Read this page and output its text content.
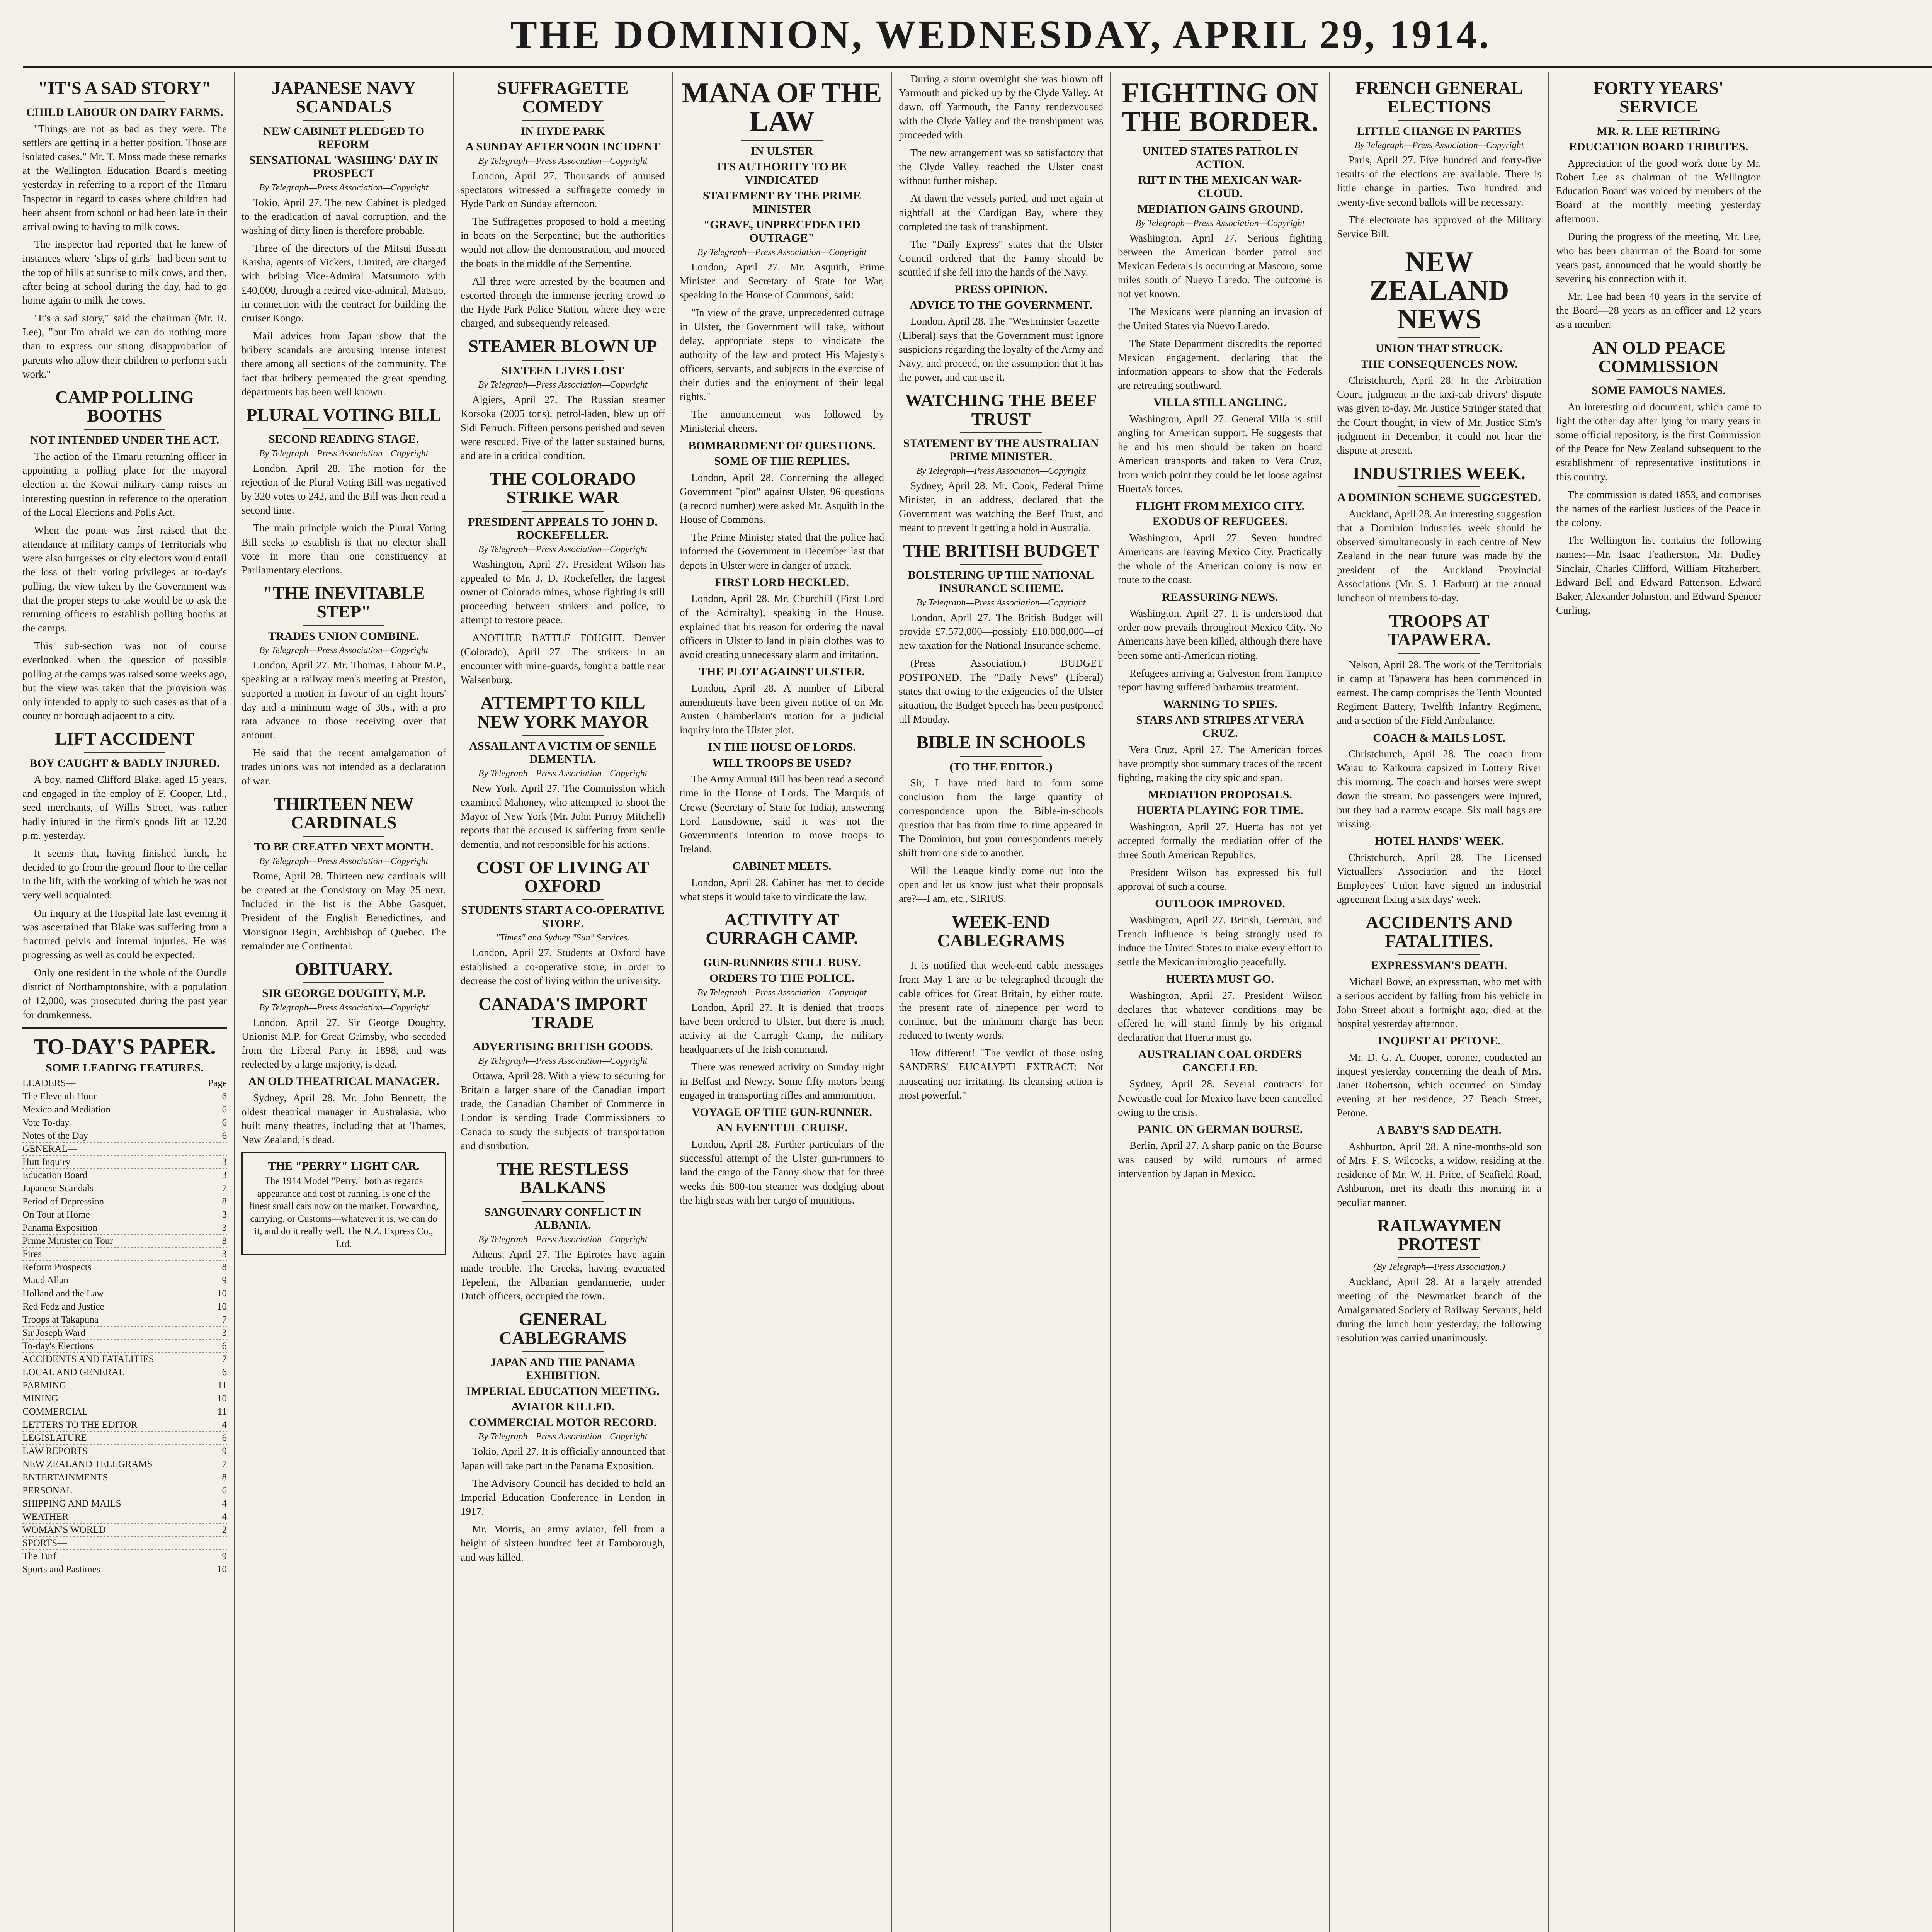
THE DOMINION, WEDNESDAY, APRIL 29, 1914.
"IT'S A SAD STORY"
CHILD LABOUR ON DAIRY FARMS.

"Things are not as bad as they were. The settlers are getting in a better position. Those are isolated cases." Mr. T. Moss made these remarks at the Wellington Education Board's meeting yesterday in referring to a report of the Timaru Inspector in regard to cases where children had been absent from school or had been late in their arrival owing to having to milk cows.

The inspector had reported that he knew of instances where "slips of girls" had been sent to the top of hills at sunrise to milk cows, and then, after being at school during the day, had to go home again to milk the cows.

"It's a sad story," said the chairman (Mr. R. Lee), "but I'm afraid we can do nothing more than to express our strong disapprobation of parents who allow their children to perform such work."

CAMP POLLING BOOTHS
NOT INTENDED UNDER THE ACT.

The action of the Timaru returning officer in appointing a polling place for the mayoral election at the Kowai military camp raises an interesting question in reference to the operation of the Local Elections and Polls Act.

When the point was first raised that the attendance at military camps of Territorials who were also burgesses or city electors would entail the loss of their voting privileges at to-day's polling, the view taken by the Government was that the proper steps to take would be to ask the returning officers to establish polling booths at the camps.

This sub-section was not of course everlooked when the question of possible polling at the camps was raised some weeks ago, but the view was taken that the provision was only intended to apply to such cases as that of a county or borough adjacent to a city.

LIFT ACCIDENT
BOY CAUGHT & BADLY INJURED.

A boy, named Clifford Blake, aged 15 years, and engaged in the employ of F. Cooper, Ltd., seed merchants, of Willis Street, was rather badly injured in the firm's goods lift at 12.20 p.m. yesterday.

It seems that, having finished lunch, he decided to go from the ground floor to the cellar in the lift, with the working of which he was not very well acquainted.

On inquiry at the Hospital late last evening it was ascertained that Blake was suffering from a fractured pelvis and internal injuries. He was progressing as well as could be expected.

Only one resident in the whole of the Oundle district of Northamptonshire, with a population of 12,000, was prosecuted during the past year for drunkenness.

TO-DAY'S PAPER.
SOME LEADING FEATURES.
LEADERS—	Page
The Eleventh Hour	6
Mexico and Mediation	6
Vote To-day	6
Notes of the Day	6
GENERAL—
Hutt Inquiry	3
Education Board	3
Japanese Scandals	7
Period of Depression	8
On Tour at Home	3
Panama Exposition	3
Prime Minister on Tour	8
Fires	3
Reform Prospects	8
Maud Allan	9
Holland and the Law	10
Red Fedz and Justice	10
Troops at Takapuna	7
Sir Joseph Ward	3
To-day's Elections	6
ACCIDENTS AND FATALITIES	7
LOCAL AND GENERAL	6
FARMING	11
MINING	10
COMMERCIAL	11
LETTERS TO THE EDITOR	4
LEGISLATURE	6
LAW REPORTS	9
NEW ZEALAND TELEGRAMS	7
ENTERTAINMENTS	8
PERSONAL	6
SHIPPING AND MAILS	4
WEATHER	4
WOMAN'S WORLD	2
SPORTS—
The Turf	9
Sports and Pastimes	10
JAPANESE NAVY SCANDALS
NEW CABINET PLEDGED TO REFORM
SENSATIONAL 'WASHING' DAY IN PROSPECT
By Telegraph—Press Association—Copyright

Tokio, April 27. The new Cabinet is pledged to the eradication of naval corruption, and the washing of dirty linen is therefore probable.

Three of the directors of the Mitsui Bussan Kaisha, agents of Vickers, Limited, are charged with bribing Vice-Admiral Matsumoto with £40,000, through a retired vice-admiral, Matsuo, in connection with the contract for building the cruiser Kongo.

Mail advices from Japan show that the bribery scandals are arousing intense interest there among all sections of the community. The fact that bribery permeated the great spending departments has been well known.

PLURAL VOTING BILL
SECOND READING STAGE.
By Telegraph—Press Association—Copyright

London, April 28. The motion for the rejection of the Plural Voting Bill was negatived by 320 votes to 242, and the Bill was then read a second time.

The main principle which the Plural Voting Bill seeks to establish is that no elector shall vote in more than one constituency at Parliamentary elections.

"THE INEVITABLE STEP"
TRADES UNION COMBINE.
By Telegraph—Press Association—Copyright

London, April 27. Mr. Thomas, Labour M.P., speaking at a railway men's meeting at Preston, supported a motion in favour of an eight hours' day and a minimum wage of 30s., with a pro rata advance to those receiving over that amount.

He said that the recent amalgamation of trades unions was not intended as a declaration of war.

THIRTEEN NEW CARDINALS
TO BE CREATED NEXT MONTH.
By Telegraph—Press Association—Copyright

Rome, April 28. Thirteen new cardinals will be created at the Consistory on May 25 next. Included in the list is the Abbe Gasquet, President of the English Benedictines, and Monsignor Begin, Archbishop of Quebec. The remainder are Continental.

OBITUARY.
SIR GEORGE DOUGHTY, M.P.
By Telegraph—Press Association—Copyright

London, April 27. Sir George Doughty, Unionist M.P. for Great Grimsby, who seceded from the Liberal Party in 1898, and was reelected by a large majority, is dead.

AN OLD THEATRICAL MANAGER.

Sydney, April 28. Mr. John Bennett, the oldest theatrical manager in Australasia, who built many theatres, including that at Thames, New Zealand, is dead.

THE "PERRY" LIGHT CAR.
The 1914 Model "Perry," both as regards appearance and cost of running, is one of the finest small cars now on the market. Forwarding, carrying, or Customs—whatever it is, we can do it, and do it really well. The N.Z. Express Co., Ltd.
SUFFRAGETTE COMEDY
IN HYDE PARK
A SUNDAY AFTERNOON INCIDENT
By Telegraph—Press Association—Copyright

London, April 27. Thousands of amused spectators witnessed a suffragette comedy in Hyde Park on Sunday afternoon.

The Suffragettes proposed to hold a meeting in boats on the Serpentine, but the authorities would not allow the demonstration, and moored the boats in the middle of the Serpentine.

All three were arrested by the boatmen and escorted through the immense jeering crowd to the Hyde Park Police Station, where they were charged, and subsequently released.

STEAMER BLOWN UP
SIXTEEN LIVES LOST
By Telegraph—Press Association—Copyright

Algiers, April 27. The Russian steamer Korsoka (2005 tons), petrol-laden, blew up off Sidi Ferruch. Fifteen persons perished and seven were rescued. Five of the latter sustained burns, and are in a critical condition.

THE COLORADO STRIKE WAR
PRESIDENT APPEALS TO JOHN D. ROCKEFELLER.
By Telegraph—Press Association—Copyright

Washington, April 27. President Wilson has appealed to Mr. J. D. Rockefeller, the largest owner of Colorado mines, whose fighting is still proceeding between strikers and police, to attempt to restore peace.

ANOTHER BATTLE FOUGHT. Denver (Colorado), April 27. The strikers in an encounter with mine-guards, fought a battle near Walsenburg.

ATTEMPT TO KILL NEW YORK MAYOR
ASSAILANT A VICTIM OF SENILE DEMENTIA.
By Telegraph—Press Association—Copyright

New York, April 27. The Commission which examined Mahoney, who attempted to shoot the Mayor of New York (Mr. John Purroy Mitchell) reports that the accused is suffering from senile dementia, and not responsible for his actions.

COST OF LIVING AT OXFORD
STUDENTS START A CO-OPERATIVE STORE.
"Times" and Sydney "Sun" Services.

London, April 27. Students at Oxford have established a co-operative store, in order to decrease the cost of living within the university.

CANADA'S IMPORT TRADE
ADVERTISING BRITISH GOODS.
By Telegraph—Press Association—Copyright

Ottawa, April 28. With a view to securing for Britain a larger share of the Canadian import trade, the Canadian Chamber of Commerce in London is sending Trade Commissioners to Canada to study the subjects of transportation and distribution.

THE RESTLESS BALKANS
SANGUINARY CONFLICT IN ALBANIA.
By Telegraph—Press Association—Copyright

Athens, April 27. The Epirotes have again made trouble. The Greeks, having evacuated Tepeleni, the Albanian gendarmerie, under Dutch officers, occupied the town.

GENERAL CABLEGRAMS
JAPAN AND THE PANAMA EXHIBITION.
IMPERIAL EDUCATION MEETING.
AVIATOR KILLED.
COMMERCIAL MOTOR RECORD.
By Telegraph—Press Association—Copyright

Tokio, April 27. It is officially announced that Japan will take part in the Panama Exposition.

The Advisory Council has decided to hold an Imperial Education Conference in London in 1917.

Mr. Morris, an army aviator, fell from a height of sixteen hundred feet at Farnborough, and was killed.

MANA OF THE LAW
IN ULSTER
ITS AUTHORITY TO BE VINDICATED
STATEMENT BY THE PRIME MINISTER
"GRAVE, UNPRECEDENTED OUTRAGE"
By Telegraph—Press Association—Copyright

London, April 27. Mr. Asquith, Prime Minister and Secretary of State for War, speaking in the House of Commons, said:

"In view of the grave, unprecedented outrage in Ulster, the Government will take, without delay, appropriate steps to vindicate the authority of the law and protect His Majesty's officers, servants, and subjects in the exercise of their duties and the enjoyment of their legal rights."

The announcement was followed by Ministerial cheers.

BOMBARDMENT OF QUESTIONS.
SOME OF THE REPLIES.

London, April 28. Concerning the alleged Government "plot" against Ulster, 96 questions (a record number) were asked Mr. Asquith in the House of Commons.

The Prime Minister stated that the police had informed the Government in December last that depots in Ulster were in danger of attack.

FIRST LORD HECKLED.

London, April 28. Mr. Churchill (First Lord of the Admiralty), speaking in the House, explained that his reason for ordering the naval officers in Ulster to land in plain clothes was to avoid creating unnecessary alarm and irritation.

THE PLOT AGAINST ULSTER.

London, April 28. A number of Liberal amendments have been given notice of on Mr. Austen Chamberlain's motion for a judicial inquiry into the Ulster plot.

IN THE HOUSE OF LORDS.
WILL TROOPS BE USED?

The Army Annual Bill has been read a second time in the House of Lords. The Marquis of Crewe (Secretary of State for India), answering Lord Lansdowne, said it was not the Government's intention to move troops to Ireland.

CABINET MEETS.

London, April 28. Cabinet has met to decide what steps it would take to vindicate the law.

ACTIVITY AT CURRAGH CAMP.
GUN-RUNNERS STILL BUSY.
ORDERS TO THE POLICE.
By Telegraph—Press Association—Copyright

London, April 27. It is denied that troops have been ordered to Ulster, but there is much activity at the Curragh Camp, the military headquarters of the Irish command.

There was renewed activity on Sunday night in Belfast and Newry. Some fifty motors being engaged in transporting rifles and ammunition.

VOYAGE OF THE GUN-RUNNER.
AN EVENTFUL CRUISE.

London, April 28. Further particulars of the successful attempt of the Ulster gun-runners to land the cargo of the Fanny show that for three weeks this 800-ton steamer was dodging about the high seas with her cargo of munitions.

During a storm overnight she was blown off Yarmouth and picked up by the Clyde Valley. At dawn, off Yarmouth, the Fanny rendezvoused with the Clyde Valley and the transhipment was proceeded with.

The new arrangement was so satisfactory that the Clyde Valley reached the Ulster coast without further mishap.

At dawn the vessels parted, and met again at nightfall at the Cardigan Bay, where they completed the task of transhipment.

The "Daily Express" states that the Ulster Council ordered that the Fanny should be scuttled if she fell into the hands of the Navy.

PRESS OPINION.
ADVICE TO THE GOVERNMENT.

London, April 28. The "Westminster Gazette" (Liberal) says that the Government must ignore suspicions regarding the loyalty of the Army and Navy, and proceed, on the assumption that it has the power, and can use it.

WATCHING THE BEEF TRUST
STATEMENT BY THE AUSTRALIAN PRIME MINISTER.
By Telegraph—Press Association—Copyright

Sydney, April 28. Mr. Cook, Federal Prime Minister, in an address, declared that the Government was watching the Beef Trust, and meant to prevent it getting a hold in Australia.

THE BRITISH BUDGET
BOLSTERING UP THE NATIONAL INSURANCE SCHEME.
By Telegraph—Press Association—Copyright

London, April 27. The British Budget will provide £7,572,000—possibly £10,000,000—of new taxation for the National Insurance scheme.

(Press Association.) BUDGET POSTPONED. The "Daily News" (Liberal) states that owing to the exigencies of the Ulster situation, the Budget Speech has been postponed till Monday.

BIBLE IN SCHOOLS
(TO THE EDITOR.)

Sir,—I have tried hard to form some conclusion from the large quantity of correspondence upon the Bible-in-schools question that has from time to time appeared in The Dominion, but your correspondents merely shift from one side to another.

Will the League kindly come out into the open and let us know just what their proposals are?—I am, etc., SIRIUS.

WEEK-END CABLEGRAMS

It is notified that week-end cable messages from May 1 are to be telegraphed through the cable offices for Great Britain, by either route, the present rate of ninepence per word to continue, but the minimum charge has been reduced to twenty words.

How different! "The verdict of those using SANDERS' EUCALYPTI EXTRACT: Not nauseating nor irritating. Its cleansing action is most powerful."

FIGHTING ON THE BORDER.
UNITED STATES PATROL IN ACTION.
RIFT IN THE MEXICAN WAR-CLOUD.
MEDIATION GAINS GROUND.
By Telegraph—Press Association—Copyright

Washington, April 27. Serious fighting between the American border patrol and Mexican Federals is occurring at Mascoro, some miles south of Nuevo Laredo. The outcome is not yet known.

The Mexicans were planning an invasion of the United States via Nuevo Laredo.

The State Department discredits the reported Mexican engagement, declaring that the information appears to show that the Federals are retreating southward.

VILLA STILL ANGLING.

Washington, April 27. General Villa is still angling for American support. He suggests that he and his men should be taken on board American transports and taken to Vera Cruz, from which point they could be let loose against Huerta's forces.

FLIGHT FROM MEXICO CITY.
EXODUS OF REFUGEES.

Washington, April 27. Seven hundred Americans are leaving Mexico City. Practically the whole of the American colony is now en route to the coast.

REASSURING NEWS.

Washington, April 27. It is understood that order now prevails throughout Mexico City. No Americans have been killed, although there have been some anti-American rioting.

Refugees arriving at Galveston from Tampico report having suffered barbarous treatment.

WARNING TO SPIES.
STARS AND STRIPES AT VERA CRUZ.

Vera Cruz, April 27. The American forces have promptly shot summary traces of the recent fighting, making the city spic and span.

MEDIATION PROPOSALS.
HUERTA PLAYING FOR TIME.

Washington, April 27. Huerta has not yet accepted formally the mediation offer of the three South American Republics.

President Wilson has expressed his full approval of such a course.

OUTLOOK IMPROVED.

Washington, April 27. British, German, and French influence is being strongly used to induce the United States to make every effort to settle the Mexican imbroglio peacefully.

HUERTA MUST GO.

Washington, April 27. President Wilson declares that whatever conditions may be offered he will stand firmly by his original declaration that Huerta must go.

AUSTRALIAN COAL ORDERS CANCELLED.

Sydney, April 28. Several contracts for Newcastle coal for Mexico have been cancelled owing to the crisis.

PANIC ON GERMAN BOURSE.

Berlin, April 27. A sharp panic on the Bourse was caused by wild rumours of armed intervention by Japan in Mexico.

FRENCH GENERAL ELECTIONS
LITTLE CHANGE IN PARTIES
By Telegraph—Press Association—Copyright

Paris, April 27. Five hundred and forty-five results of the elections are available. There is little change in parties. Two hundred and twenty-five second ballots will be necessary.

The electorate has approved of the Military Service Bill.

NEW ZEALAND NEWS
UNION THAT STRUCK.
THE CONSEQUENCES NOW.

Christchurch, April 28. In the Arbitration Court, judgment in the taxi-cab drivers' dispute was given to-day. Mr. Justice Stringer stated that the Court thought, in view of Mr. Justice Sim's judgment in December, it could not hear the dispute at present.

INDUSTRIES WEEK.
A DOMINION SCHEME SUGGESTED.

Auckland, April 28. An interesting suggestion that a Dominion industries week should be observed simultaneously in each centre of New Zealand in the near future was made by the president of the Auckland Provincial Associations (Mr. S. J. Harbutt) at the annual luncheon of members to-day.

TROOPS AT TAPAWERA.

Nelson, April 28. The work of the Territorials in camp at Tapawera has been commenced in earnest. The camp comprises the Tenth Mounted Regiment Battery, Twelfth Infantry Regiment, and a section of the Field Ambulance.

COACH & MAILS LOST.

Christchurch, April 28. The coach from Waiau to Kaikoura capsized in Lottery River this morning. The coach and horses were swept down the stream. No passengers were injured, but they had a narrow escape. Six mail bags are missing.

HOTEL HANDS' WEEK.

Christchurch, April 28. The Licensed Victuallers' Association and the Hotel Employees' Union have signed an industrial agreement fixing a six days' week.

ACCIDENTS AND FATALITIES.
EXPRESSMAN'S DEATH.

Michael Bowe, an expressman, who met with a serious accident by falling from his vehicle in John Street about a fortnight ago, died at the hospital yesterday afternoon.

INQUEST AT PETONE.

Mr. D. G. A. Cooper, coroner, conducted an inquest yesterday concerning the death of Mrs. Janet Robertson, which occurred on Sunday evening at her residence, 27 Beach Street, Petone.

A BABY'S SAD DEATH.

Ashburton, April 28. A nine-months-old son of Mrs. F. S. Wilcocks, a widow, residing at the residence of Mr. W. H. Price, of Seafield Road, Ashburton, met its death this morning in a peculiar manner.

RAILWAYMEN PROTEST
(By Telegraph—Press Association.)

Auckland, April 28. At a largely attended meeting of the Newmarket branch of the Amalgamated Society of Railway Servants, held during the lunch hour yesterday, the following resolution was carried unanimously.

FORTY YEARS' SERVICE
MR. R. LEE RETIRING
EDUCATION BOARD TRIBUTES.

Appreciation of the good work done by Mr. Robert Lee as chairman of the Wellington Education Board was voiced by members of the Board at the monthly meeting yesterday afternoon.

During the progress of the meeting, Mr. Lee, who has been chairman of the Board for some years past, announced that he would shortly be severing his connection with it.

Mr. Lee had been 40 years in the service of the Board—28 years as an officer and 12 years as a member.

AN OLD PEACE COMMISSION
SOME FAMOUS NAMES.

An interesting old document, which came to light the other day after lying for many years in some official repository, is the first Commission of the Peace for New Zealand subsequent to the establishment of representative institutions in this country.

The commission is dated 1853, and comprises the names of the earliest Justices of the Peace in the colony.

The Wellington list contains the following names:—Mr. Isaac Featherston, Mr. Dudley Sinclair, Charles Clifford, William Fitzherbert, Edward Bell and Edward Pattenson, Edward Baker, Alexander Johnston, and Edward Spencer Curling.
